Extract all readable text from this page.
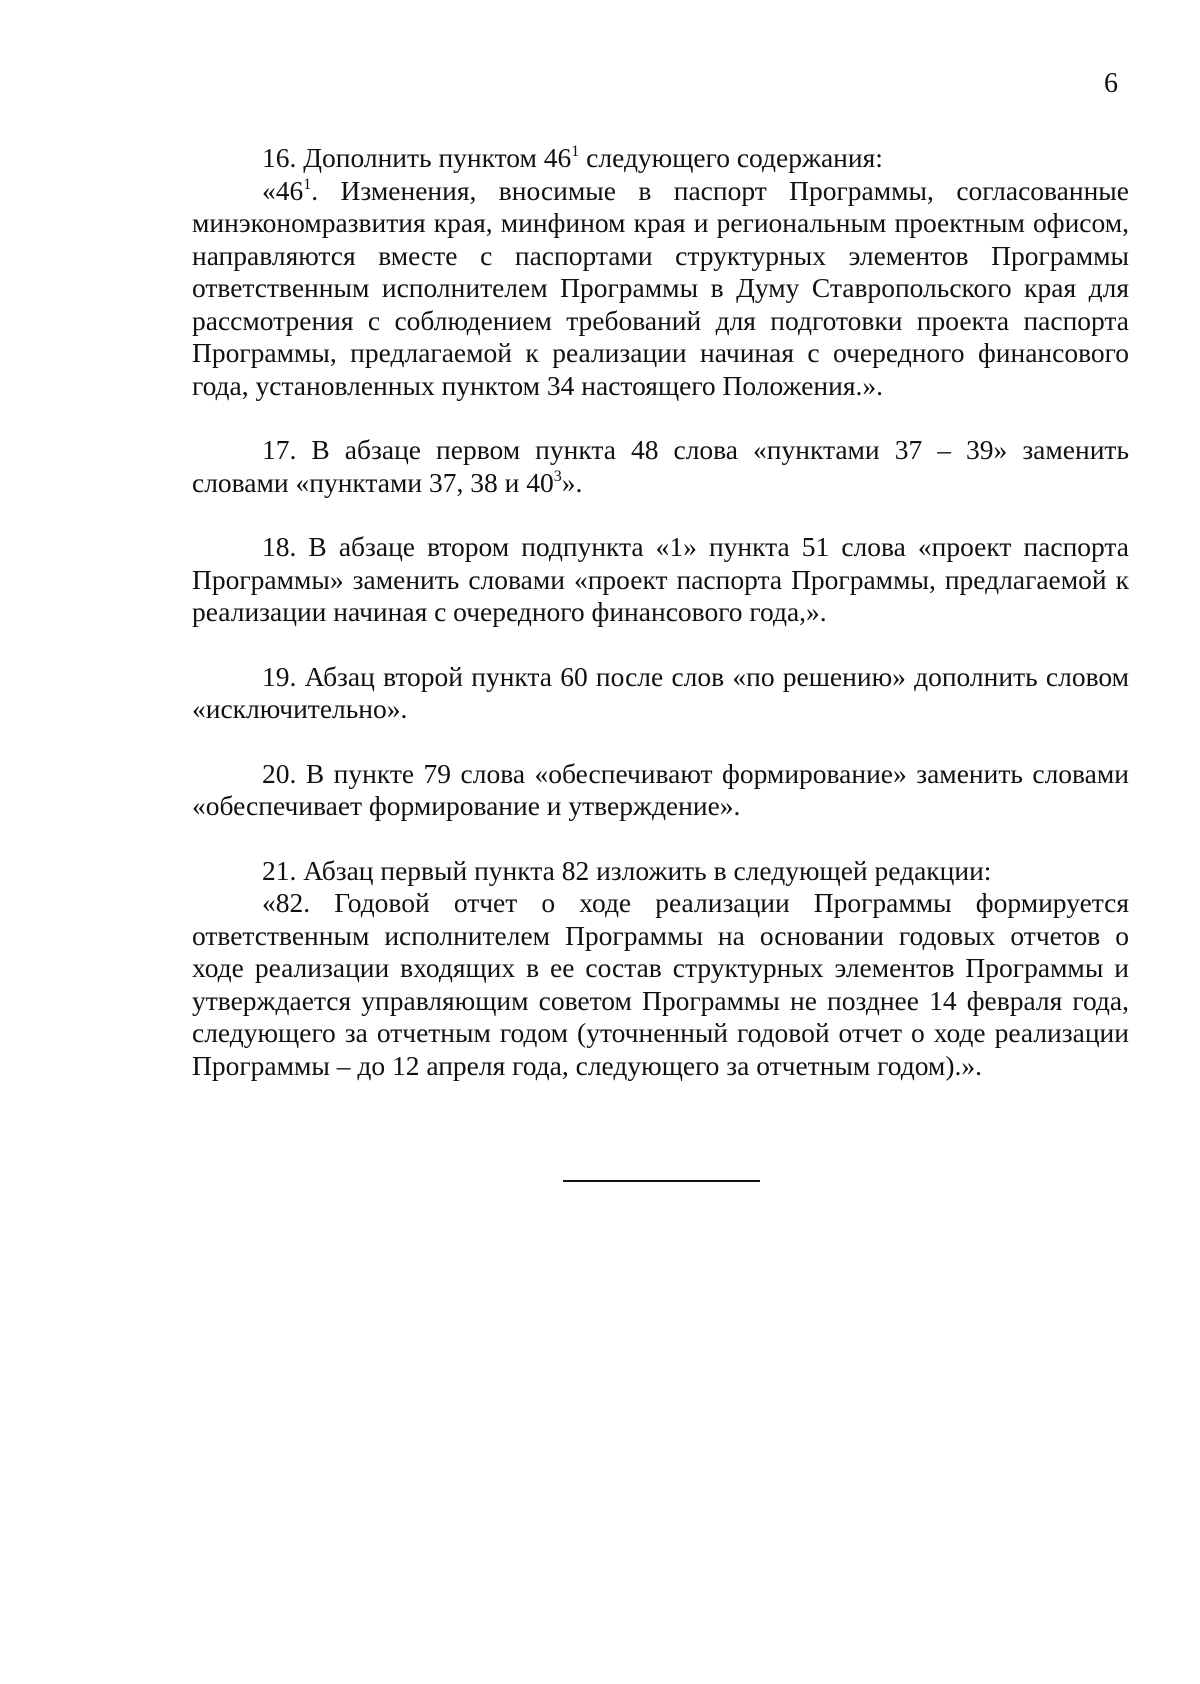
6

16. Дополнить пунктом $46^1$ следующего содержания:

«$46^1$. Изменения, вносимые в паспорт Программы, согласованные минэкономразвития края, минфином края и региональным проектным офисом, направляются вместе с паспортами структурных элементов Программы ответственным исполнителем Программы в Думу Ставропольского края для рассмотрения с соблюдением требований для подготовки проекта паспорта Программы, предлагаемой к реализации начиная с очередного финансового года, установленных пунктом 34 настоящего Положения.».

17. В абзаце первом пункта 48 слова «пунктами 37 – 39» заменить словами «пунктами 37, 38 и $40^3$».

18. В абзаце втором подпункта «1» пункта 51 слова «проект паспорта Программы» заменить словами «проект паспорта Программы, предлагаемой к реализации начиная с очередного финансового года,».

19. Абзац второй пункта 60 после слов «по решению» дополнить словом «исключительно».

20. В пункте 79 слова «обеспечивают формирование» заменить словами «обеспечивает формирование и утверждение».

21. Абзац первый пункта 82 изложить в следующей редакции:

«82. Годовой отчет о ходе реализации Программы формируется ответственным исполнителем Программы на основании годовых отчетов о ходе реализации входящих в ее состав структурных элементов Программы и утверждается управляющим советом Программы не позднее 14 февраля года, следующего за отчетным годом (уточненный годовой отчет о ходе реализации Программы – до 12 апреля года, следующего за отчетным годом).».
